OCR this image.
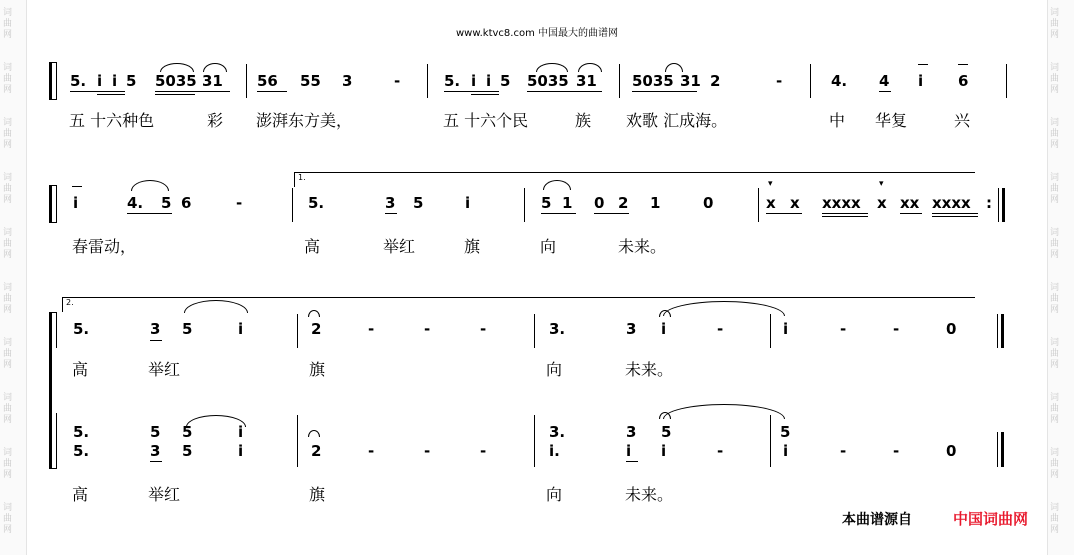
词
曲
网
词
曲
网
词
曲
网
词
曲
网
词
曲
网
词
曲
网
词
曲
网
词
曲
网
词
曲
网
词
曲
网
词
曲
网
词
曲
网
词
曲
网
词
曲
网
词
曲
网
词
曲
网
词
曲
网
词
曲
网
词
曲
网
词
曲
网
www.ktvc8.com 中国最大的曲谱网
5. i i 5 5035 31 56 55 3	-	5. i i 5 5035 31 5035 31 2	-	4. 4 i 6
五 十六种色	彩 澎湃东方美，	五 十六个民	族 欢歌 汇成海。	中 华复	兴
:
1.
i	4. 5 6	-	5.	3 5	i	5 1 0 2 1	0	x x xxxx x xx xxxx
▾	▾
春雷动，	高	举红	旗	向	未来。
2.
5.	3 5	i	2	-	-	-	3.	3 i	-	i	-	-	0
高	举红	旗	向	未来。
5.	5 5	i	3.	3 5	5
5.	3 5	i	2	-	-	-	i.	i i	-	i	-	-	0
高	举红	旗	向	未来。
本曲谱源自	中国词曲网
